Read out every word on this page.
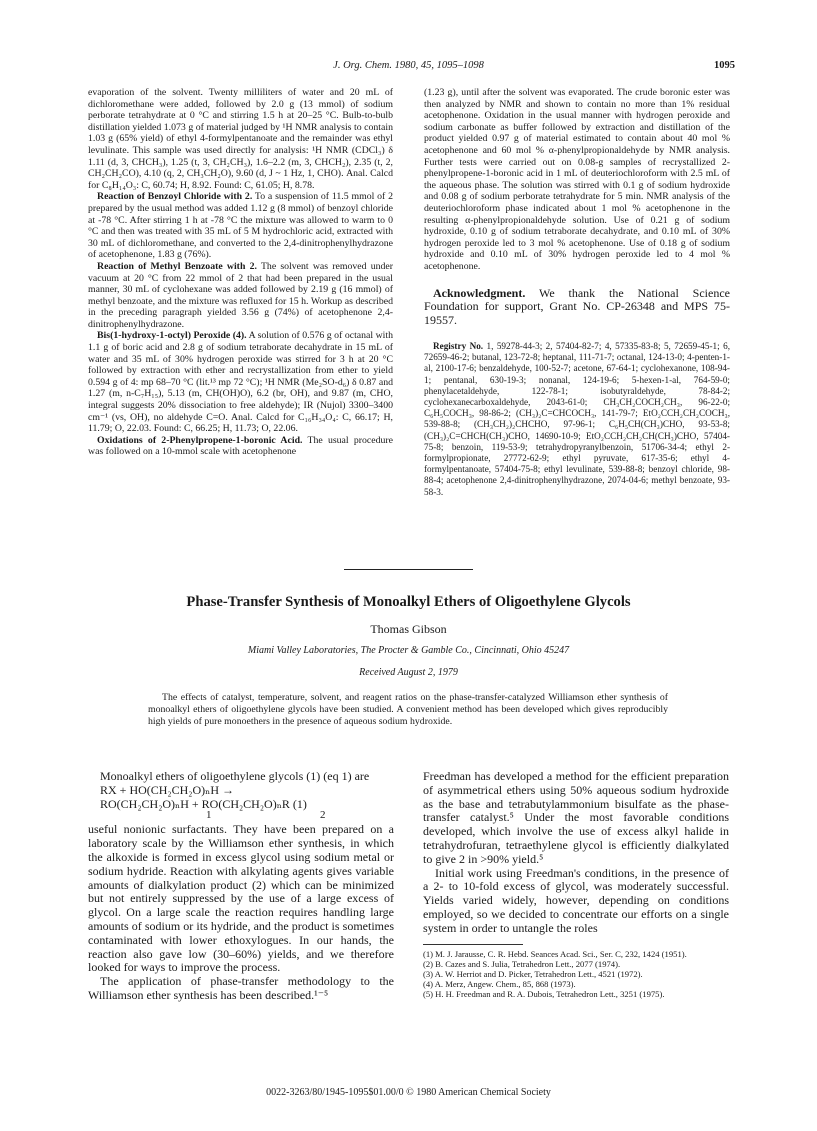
J. Org. Chem. 1980, 45, 1095–1098	1095

evaporation of the solvent. Twenty milliliters of water and 20 mL of dichloromethane were added, followed by 2.0 g (13 mmol) of sodium perborate tetrahydrate at 0 °C and stirring 1.5 h at 20–25 °C. Bulb-to-bulb distillation yielded 1.073 g of material judged by ¹H NMR analysis to contain 1.03 g (65% yield) of ethyl 4-formylpentanoate and the remainder was ethyl levulinate. This sample was used directly for analysis: ¹H NMR (CDCl₃) δ 1.11 (d, 3, CHCH₃), 1.25 (t, 3, CH₂CH₃), 1.6–2.2 (m, 3, CHCH₂), 2.35 (t, 2, CH₂CH₂CO), 4.10 (q, 2, CH₃CH₂O), 9.60 (d, J ~ 1 Hz, 1, CHO). Anal. Calcd for C₈H₁₄O₃: C, 60.74; H, 8.92. Found: C, 61.05; H, 8.78.

Reaction of Benzoyl Chloride with 2. To a suspension of 11.5 mmol of 2 prepared by the usual method was added 1.12 g (8 mmol) of benzoyl chloride at -78 °C. After stirring 1 h at -78 °C the mixture was allowed to warm to 0 °C and then was treated with 35 mL of 5 M hydrochloric acid, extracted with 30 mL of dichloromethane, and converted to the 2,4-dinitrophenylhydrazone of acetophenone, 1.83 g (76%).

Reaction of Methyl Benzoate with 2. The solvent was removed under vacuum at 20 °C from 22 mmol of 2 that had been prepared in the usual manner, 30 mL of cyclohexane was added followed by 2.19 g (16 mmol) of methyl benzoate, and the mixture was refluxed for 15 h. Workup as described in the preceding paragraph yielded 3.56 g (74%) of acetophenone 2,4-dinitrophenylhydrazone.

Bis(1-hydroxy-1-octyl) Peroxide (4). A solution of 0.576 g of octanal with 1.1 g of boric acid and 2.8 g of sodium tetraborate decahydrate in 15 mL of water and 35 mL of 30% hydrogen peroxide was stirred for 3 h at 20 °C followed by extraction with ether and recrystallization from ether to yield 0.594 g of 4: mp 68–70 °C (lit.¹³ mp 72 °C); ¹H NMR (Me₂SO-d₆) δ 0.87 and 1.27 (m, n-C₇H₁₅), 5.13 (m, CH(OH)O), 6.2 (br, OH), and 9.87 (m, CHO, integral suggests 20% dissociation to free aldehyde); IR (Nujol) 3300–3400 cm⁻¹ (vs, OH), no aldehyde C=O. Anal. Calcd for C₁₆H₃₄O₄: C, 66.17; H, 11.79; O, 22.03. Found: C, 66.25; H, 11.73; O, 22.06.

Oxidations of 2-Phenylpropene-1-boronic Acid. The usual procedure was followed on a 10-mmol scale with acetophenone

(1.23 g), until after the solvent was evaporated. The crude boronic ester was then analyzed by NMR and shown to contain no more than 1% residual acetophenone. Oxidation in the usual manner with hydrogen peroxide and sodium carbonate as buffer followed by extraction and distillation of the product yielded 0.97 g of material estimated to contain about 40 mol % acetophenone and 60 mol % α-phenylpropionaldehyde by NMR analysis. Further tests were carried out on 0.08-g samples of recrystallized 2-phenylpropene-1-boronic acid in 1 mL of deuteriochloroform with 2.5 mL of the aqueous phase. The solution was stirred with 0.1 g of sodium hydroxide and 0.08 g of sodium perborate tetrahydrate for 5 min. NMR analysis of the deuteriochloroform phase indicated about 1 mol % acetophenone in the resulting α-phenylpropionaldehyde solution. Use of 0.21 g of sodium hydroxide, 0.10 g of sodium tetraborate decahydrate, and 0.10 mL of 30% hydrogen peroxide led to 3 mol % acetophenone. Use of 0.18 g of sodium hydroxide and 0.10 mL of 30% hydrogen peroxide led to 4 mol % acetophenone.

Acknowledgment. We thank the National Science Foundation for support, Grant No. CP-26348 and MPS 75-19557.

Registry No. 1, 59278-44-3; 2, 57404-82-7; 4, 57335-83-8; 5, 72659-45-1; 6, 72659-46-2; butanal, 123-72-8; heptanal, 111-71-7; octanal, 124-13-0; 4-penten-1-al, 2100-17-6; benzaldehyde, 100-52-7; acetone, 67-64-1; cyclohexanone, 108-94-1; pentanal, 630-19-3; nonanal, 124-19-6; 5-hexen-1-al, 764-59-0; phenylacetaldehyde, 122-78-1; isobutyraldehyde, 78-84-2; cyclohexanecarboxaldehyde, 2043-61-0; CH₃CH₂COCH₂CH₃, 96-22-0; C₆H₅COCH₃, 98-86-2; (CH₃)₂C=CHCOCH₃, 141-79-7; EtO₂CCH₂CH₂COCH₃, 539-88-8; (CH₃CH₂)₂CHCHO, 97-96-1; C₆H₅CH(CH₃)CHO, 93-53-8; (CH₃)₂C=CHCH(CH₃)CHO, 14690-10-9; EtO₂CCH₂CH₂CH(CH₃)CHO, 57404-75-8; benzoin, 119-53-9; tetrahydropyranylbenzoin, 51706-34-4; ethyl 2-formylpropionate, 27772-62-9; ethyl pyruvate, 617-35-6; ethyl 4-formylpentanoate, 57404-75-8; ethyl levulinate, 539-88-8; benzoyl chloride, 98-88-4; acetophenone 2,4-dinitrophenylhydrazone, 2074-04-6; methyl benzoate, 93-58-3.

Phase-Transfer Synthesis of Monoalkyl Ethers of Oligoethylene Glycols
Thomas Gibson
Miami Valley Laboratories, The Procter & Gamble Co., Cincinnati, Ohio 45247
Received August 2, 1979
The effects of catalyst, temperature, solvent, and reagent ratios on the phase-transfer-catalyzed Williamson ether synthesis of monoalkyl ethers of oligoethylene glycols have been studied. A convenient method has been developed which gives reproducibly high yields of pure monoethers in the presence of aqueous sodium hydroxide.

Monoalkyl ethers of oligoethylene glycols (1) (eq 1) are

RX + HO(CH₂CH₂O)ₙH →

RO(CH₂CH₂O)ₙH + RO(CH₂CH₂O)ₙR (1)

1	2

useful nonionic surfactants. They have been prepared on a laboratory scale by the Williamson ether synthesis, in which the alkoxide is formed in excess glycol using sodium metal or sodium hydride. Reaction with alkylating agents gives variable amounts of dialkylation product (2) which can be minimized but not entirely suppressed by the use of a large excess of glycol. On a large scale the reaction requires handling large amounts of sodium or its hydride, and the product is sometimes contaminated with lower ethoxylogues. In our hands, the reaction also gave low (30–60%) yields, and we therefore looked for ways to improve the process.

The application of phase-transfer methodology to the Williamson ether synthesis has been described.¹⁻⁵

Freedman has developed a method for the efficient preparation of asymmetrical ethers using 50% aqueous sodium hydroxide as the base and tetrabutylammonium bisulfate as the phase-transfer catalyst.⁵ Under the most favorable conditions developed, which involve the use of excess alkyl halide in tetrahydrofuran, tetraethylene glycol is efficiently dialkylated to give 2 in >90% yield.⁵

Initial work using Freedman's conditions, in the presence of a 2- to 10-fold excess of glycol, was moderately successful. Yields varied widely, however, depending on conditions employed, so we decided to concentrate our efforts on a single system in order to untangle the roles

(1) M. J. Jarausse, C. R. Hebd. Seances Acad. Sci., Ser. C, 232, 1424 (1951).

(2) B. Cazes and S. Julia, Tetrahedron Lett., 2077 (1974).

(3) A. W. Herriot and D. Picker, Tetrahedron Lett., 4521 (1972).

(4) A. Merz, Angew. Chem., 85, 868 (1973).

(5) H. H. Freedman and R. A. Dubois, Tetrahedron Lett., 3251 (1975).

0022-3263/80/1945-1095$01.00/0 © 1980 American Chemical Society
